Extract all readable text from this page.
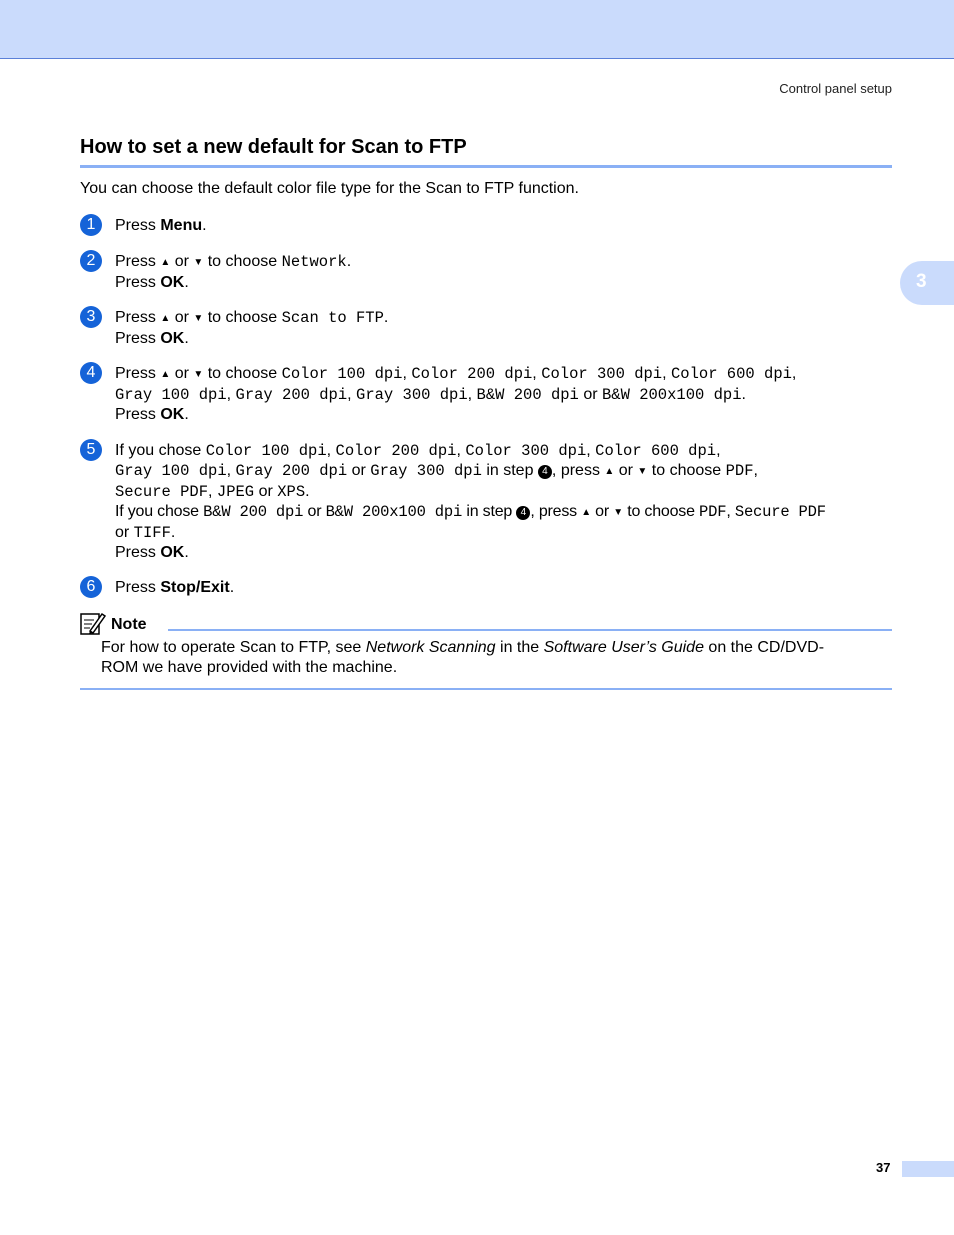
Control panel setup
3
How to set a new default for Scan to FTP

You can choose the default color file type for the Scan to FTP function.

1	Press Menu.
2	Press ▲ or ▼ to choose Network.
Press OK.
3	Press ▲ or ▼ to choose Scan to FTP.
Press OK.
4	Press ▲ or ▼ to choose Color 100 dpi, Color 200 dpi, Color 300 dpi, Color 600 dpi,
Gray 100 dpi, Gray 200 dpi, Gray 300 dpi, B&W 200 dpi or B&W 200x100 dpi.
Press OK.
5	If you chose Color 100 dpi, Color 200 dpi, Color 300 dpi, Color 600 dpi,
Gray 100 dpi, Gray 200 dpi or Gray 300 dpi in step 4 , press ▲ or ▼ to choose PDF,
Secure PDF, JPEG or XPS.
If you chose B&W 200 dpi or B&W 200x100 dpi in step 4 , press ▲ or ▼ to choose PDF, Secure PDF
or TIFF.
Press OK.
6	Press Stop/Exit.
Note
For how to operate Scan to FTP, see Network Scanning in the Software User’s Guide on the CD/DVD-
ROM we have provided with the machine.
37
